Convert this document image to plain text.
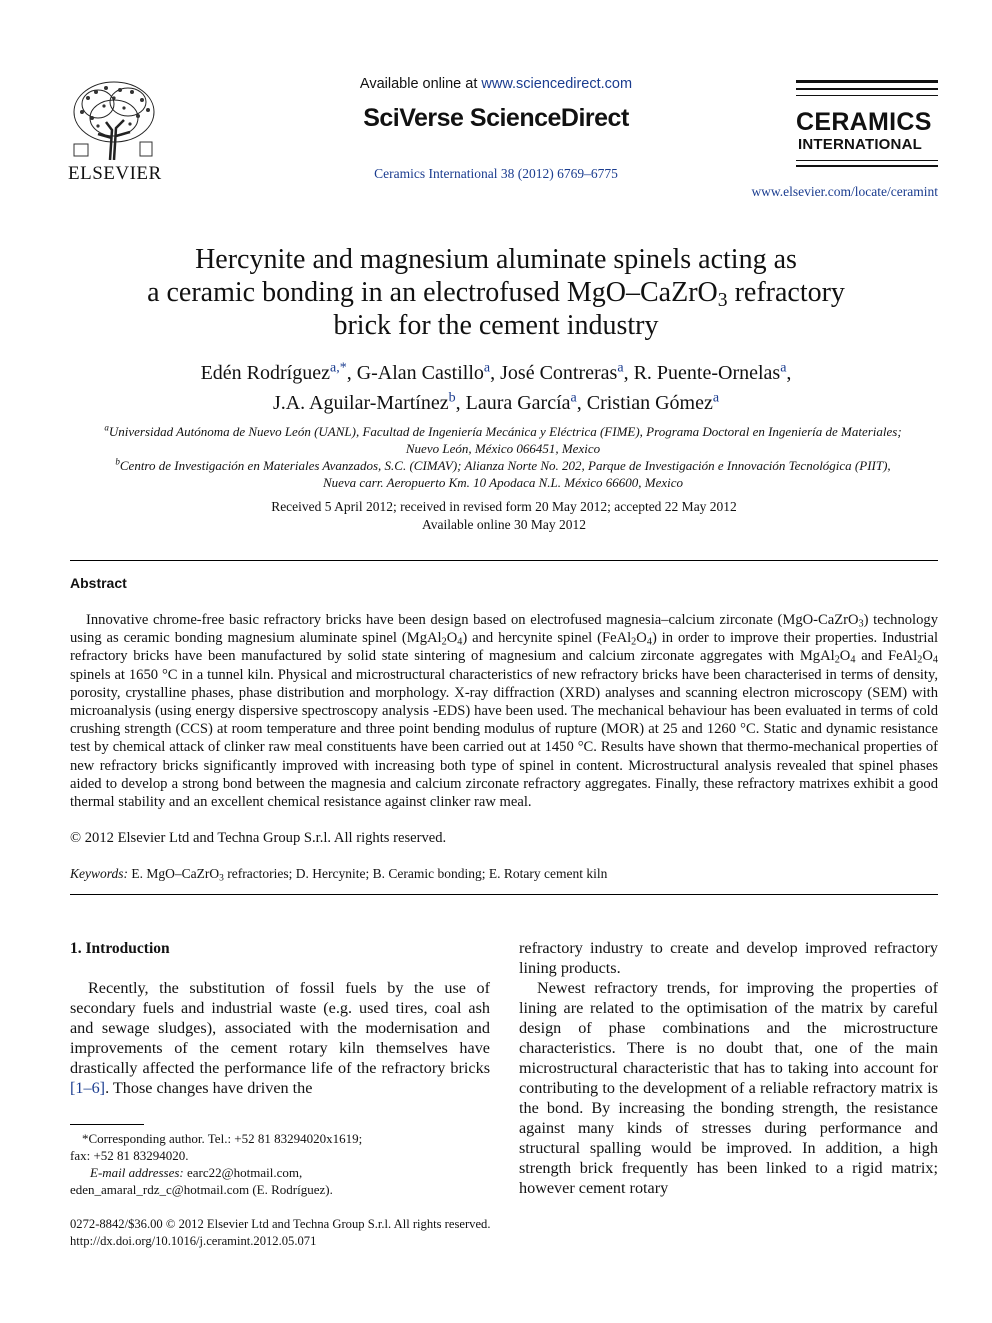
ELSEVIER
Available online at www.sciencedirect.com
SciVerse ScienceDirect
Ceramics International 38 (2012) 6769–6775
CERAMICS
INTERNATIONAL
www.elsevier.com/locate/ceramint
Hercynite and magnesium aluminate spinels acting as
a ceramic bonding in an electrofused MgO–CaZrO$_3$ refractory
brick for the cement industry
Edén Rodríguez$^{a,*}$, G-Alan Castillo$^a$, José Contreras$^a$, R. Puente-Ornelas$^a$,
J.A. Aguilar-Martínez$^b$, Laura García$^a$, Cristian Gómez$^a$
$^a$Universidad Autónoma de Nuevo León (UANL), Facultad de Ingeniería Mecánica y Eléctrica (FIME), Programa Doctoral en Ingeniería de Materiales;
Nuevo León, México 066451, Mexico
$^b$Centro de Investigación en Materiales Avanzados, S.C. (CIMAV); Alianza Norte No. 202, Parque de Investigación e Innovación Tecnológica (PIIT),
Nueva carr. Aeropuerto Km. 10 Apodaca N.L. México 66600, Mexico
Received 5 April 2012; received in revised form 20 May 2012; accepted 22 May 2012
Available online 30 May 2012
Abstract
Innovative chrome-free basic refractory bricks have been design based on electrofused magnesia–calcium zirconate (MgO-CaZrO$_3$) technology using as ceramic bonding magnesium aluminate spinel $(MgAl_2O_4)$ and hercynite spinel $(FeAl_2O_4)$ in order to improve their properties. Industrial refractory bricks have been manufactured by solid state sintering of magnesium and calcium zirconate aggregates with $MgAl_2O_4$ and $FeAl_2O_4$ spinels at 1650 °C in a tunnel kiln. Physical and microstructural characteristics of new refractory bricks have been characterised in terms of density, porosity, crystalline phases, phase distribution and morphology. X-ray diffraction (XRD) analyses and scanning electron microscopy (SEM) with microanalysis (using energy dispersive spectroscopy analysis -EDS) have been used. The mechanical behaviour has been evaluated in terms of cold crushing strength (CCS) at room temperature and three point bending modulus of rupture (MOR) at 25 and 1260 °C. Static and dynamic resistance test by chemical attack of clinker raw meal constituents have been carried out at 1450 °C. Results have shown that thermo-mechanical properties of new refractory bricks significantly improved with increasing both type of spinel in content. Microstructural analysis revealed that spinel phases aided to develop a strong bond between the magnesia and calcium zirconate refractory aggregates. Finally, these refractory matrixes exhibit a good thermal stability and an excellent chemical resistance against clinker raw meal.
© 2012 Elsevier Ltd and Techna Group S.r.l. All rights reserved.
Keywords: E. MgO–CaZrO$_3$ refractories; D. Hercynite; B. Ceramic bonding; E. Rotary cement kiln
1. Introduction
Recently, the substitution of fossil fuels by the use of secondary fuels and industrial waste (e.g. used tires, coal ash and sewage sludges), associated with the modernisation and improvements of the cement rotary kiln themselves have drastically affected the performance life of the refractory bricks [1–6]. Those changes have driven the
refractory industry to create and develop improved refractory lining products.
Newest refractory trends, for improving the properties of lining are related to the optimisation of the matrix by careful design of phase combinations and the microstructure characteristics. There is no doubt that, one of the main microstructural characteristic that has to taking into account for contributing to the development of a reliable refractory matrix is the bond. By increasing the bonding strength, the resistance against many kinds of stresses during performance and structural spalling would be improved. In addition, a high strength brick frequently has been linked to a rigid matrix; however cement rotary
*Corresponding author. Tel.: +52 81 83294020x1619;
fax: +52 81 83294020.
E-mail addresses: earc22@hotmail.com,
eden_amaral_rdz_c@hotmail.com (E. Rodríguez).
0272-8842/$36.00 © 2012 Elsevier Ltd and Techna Group S.r.l. All rights reserved.
http://dx.doi.org/10.1016/j.ceramint.2012.05.071
